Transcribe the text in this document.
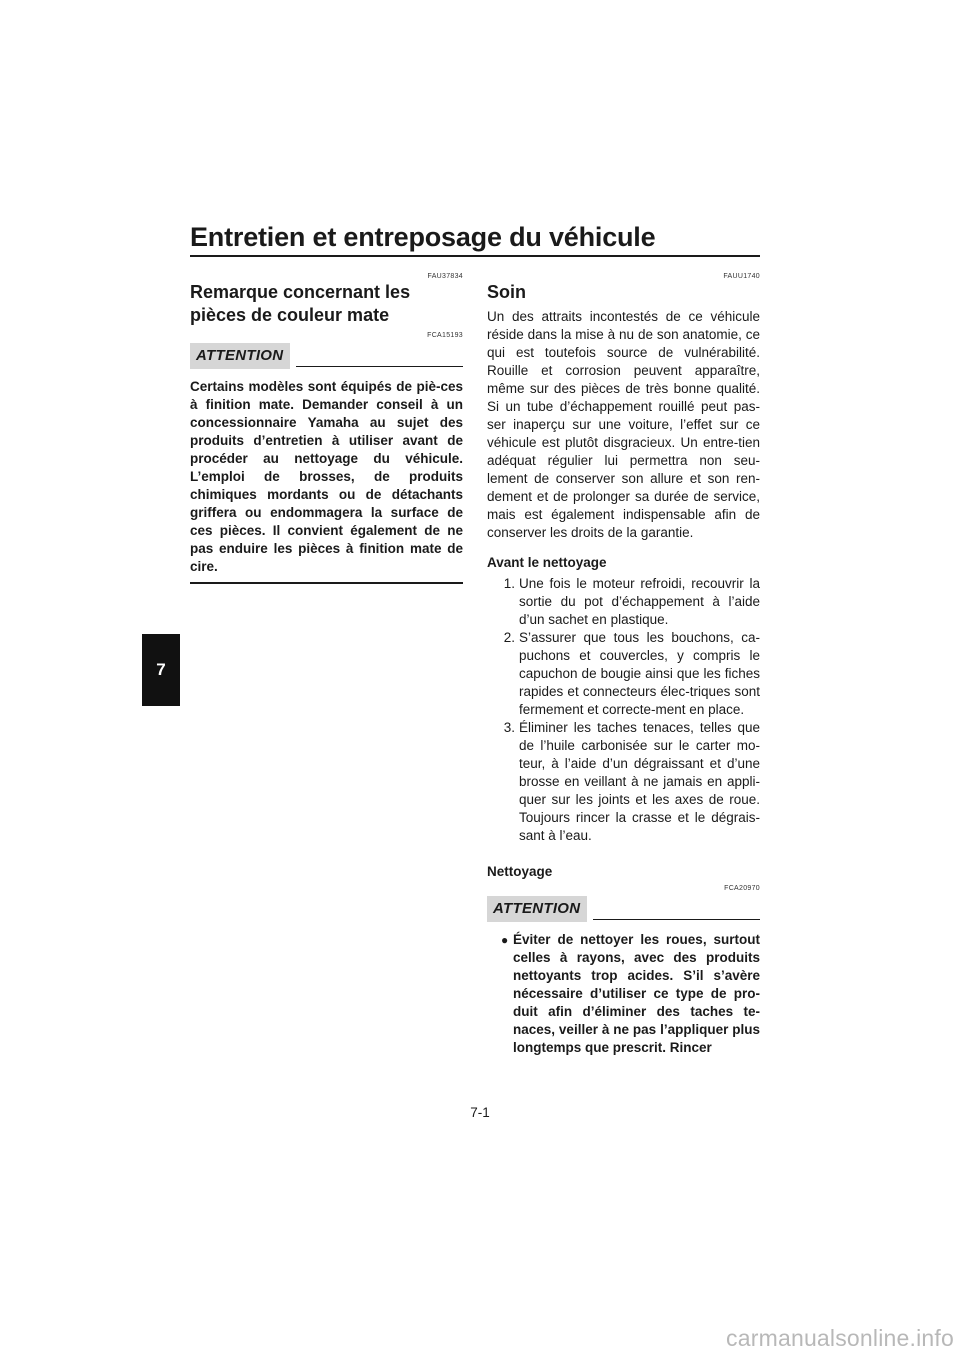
Entretien et entreposage du véhicule
7
FAU37834
Remarque concernant les pièces de couleur mate
FCA15193
ATTENTION

Certains modèles sont équipés de piè-ces à finition mate. Demander conseil à un concessionnaire Yamaha au sujet des produits d’entretien à utiliser avant de procéder au nettoyage du véhicule. L’emploi de brosses, de produits chimiques mordants ou de détachants griffera ou endommagera la surface de ces pièces. Il convient également de ne pas enduire les pièces à finition mate de cire.

FAUU1740
Soin

Un des attraits incontestés de ce véhicule réside dans la mise à nu de son anatomie, ce qui est toutefois source de vulnérabilité. Rouille et corrosion peuvent apparaître, même sur des pièces de très bonne qualité. Si un tube d’échappement rouillé peut pas-ser inaperçu sur une voiture, l’effet sur ce véhicule est plutôt disgracieux. Un entre-tien adéquat régulier lui permettra non seu-lement de conserver son allure et son ren-dement et de prolonger sa durée de service, mais est également indispensable afin de conserver les droits de la garantie.

Avant le nettoyage
1. Une fois le moteur refroidi, recouvrir la sortie du pot d’échappement à l’aide d’un sachet en plastique.
2. S’assurer que tous les bouchons, ca-puchons et couvercles, y compris le capuchon de bougie ainsi que les fiches rapides et connecteurs élec-triques sont fermement et correcte-ment en place.
3. Éliminer les taches tenaces, telles que de l’huile carbonisée sur le carter mo-teur, à l’aide d’un dégraissant et d’une brosse en veillant à ne jamais en appli-quer sur les joints et les axes de roue. Toujours rincer la crasse et le dégrais-sant à l’eau.
Nettoyage
FCA20970
ATTENTION
● Éviter de nettoyer les roues, surtout celles à rayons, avec des produits nettoyants trop acides. S’il s’avère nécessaire d’utiliser ce type de pro-duit afin d’éliminer des taches te-naces, veiller à ne pas l’appliquer plus longtemps que prescrit. Rincer
7-1
carmanualsonline.info
